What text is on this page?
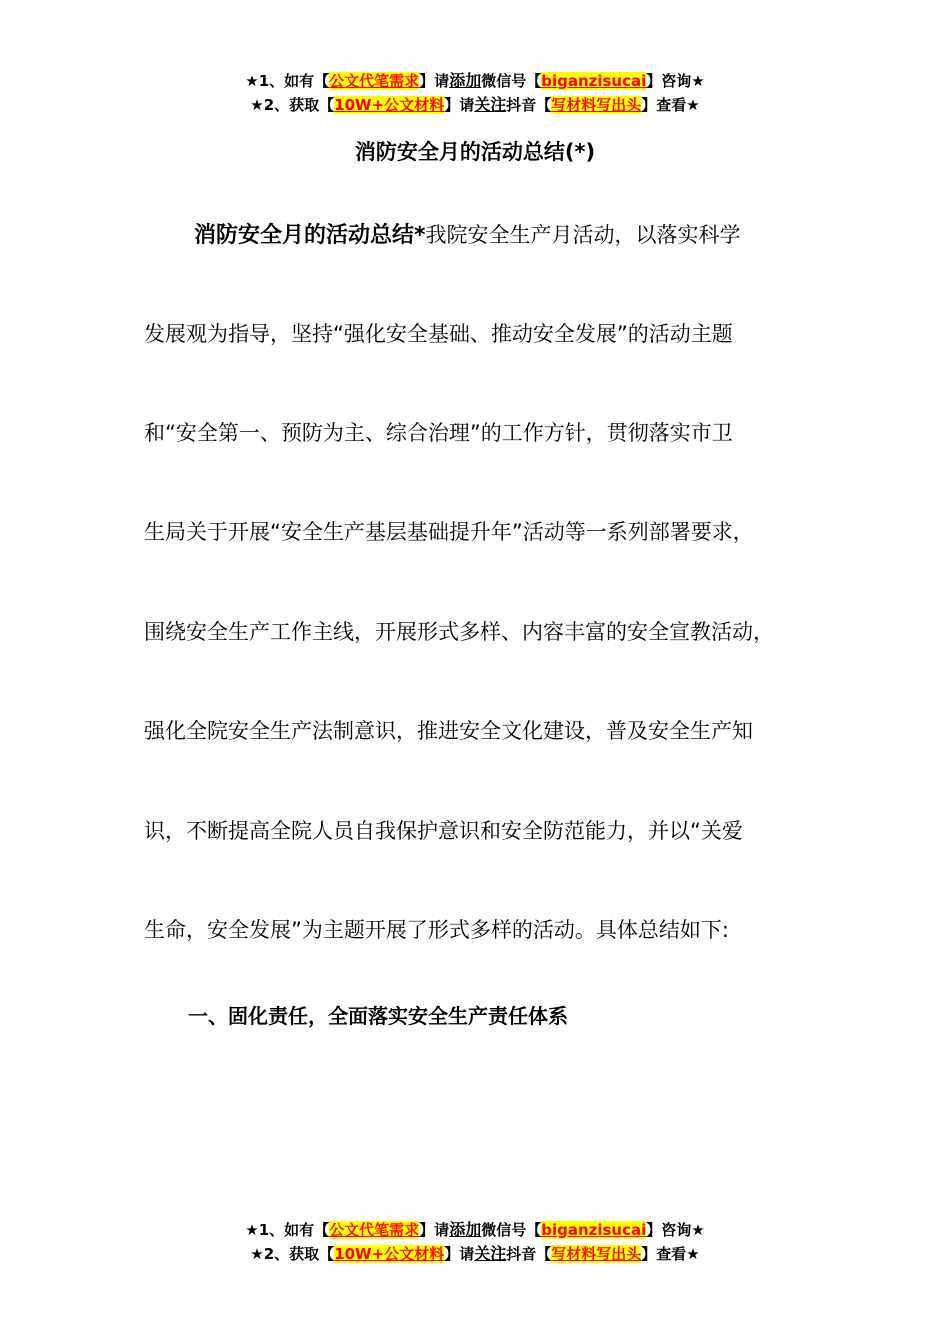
★1、如有【公文代笔需求】请添加微信号【biganzisucai】咨询★
★2、获取【10W+公文材料】请关注抖音【写材料写出头】查看★
消防安全月的活动总结(*)
消防安全月的活动总结*我院安全生产月活动，以落实科学
发展观为指导，坚持“强化安全基础、推动安全发展”的活动主题
和“安全第一、预防为主、综合治理”的工作方针，贯彻落实市卫
生局关于开展“安全生产基层基础提升年”活动等一系列部署要求，
围绕安全生产工作主线，开展形式多样、内容丰富的安全宣教活动，
强化全院安全生产法制意识，推进安全文化建设，普及安全生产知
识，不断提高全院人员自我保护意识和安全防范能力，并以“关爱
生命，安全发展”为主题开展了形式多样的活动。具体总结如下:
一、固化责任，全面落实安全生产责任体系
★1、如有【公文代笔需求】请添加微信号【biganzisucai】咨询★
★2、获取【10W+公文材料】请关注抖音【写材料写出头】查看★
